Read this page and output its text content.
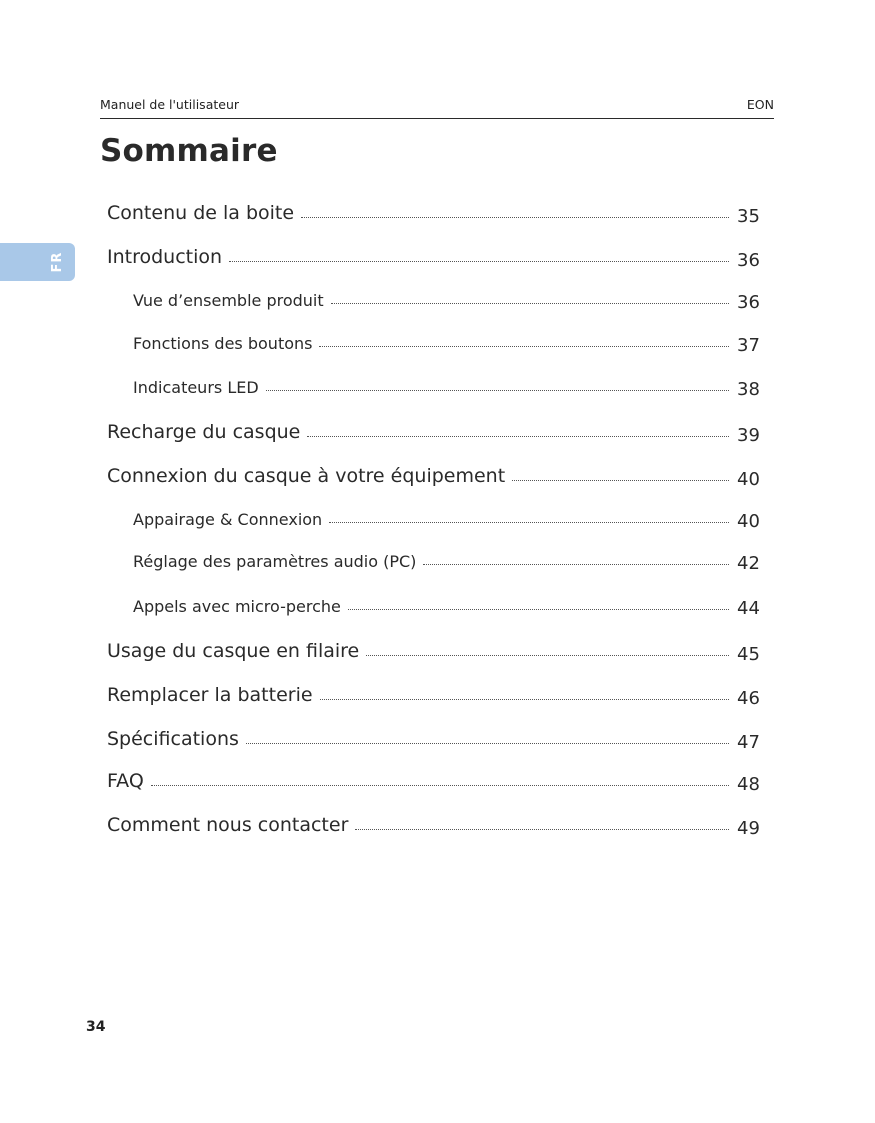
Manuel de l'utilisateur	EON
Sommaire
FR
Contenu de la boite	35
Introduction	36
Vue d’ensemble produit	36
Fonctions des boutons	37
Indicateurs LED	38
Recharge du casque	39
Connexion du casque à votre équipement	40
Appairage & Connexion	40
Réglage des paramètres audio (PC)	42
Appels avec micro-perche	44
Usage du casque en filaire	45
Remplacer la batterie	46
Spécifications	47
FAQ	48
Comment nous contacter	49
34
